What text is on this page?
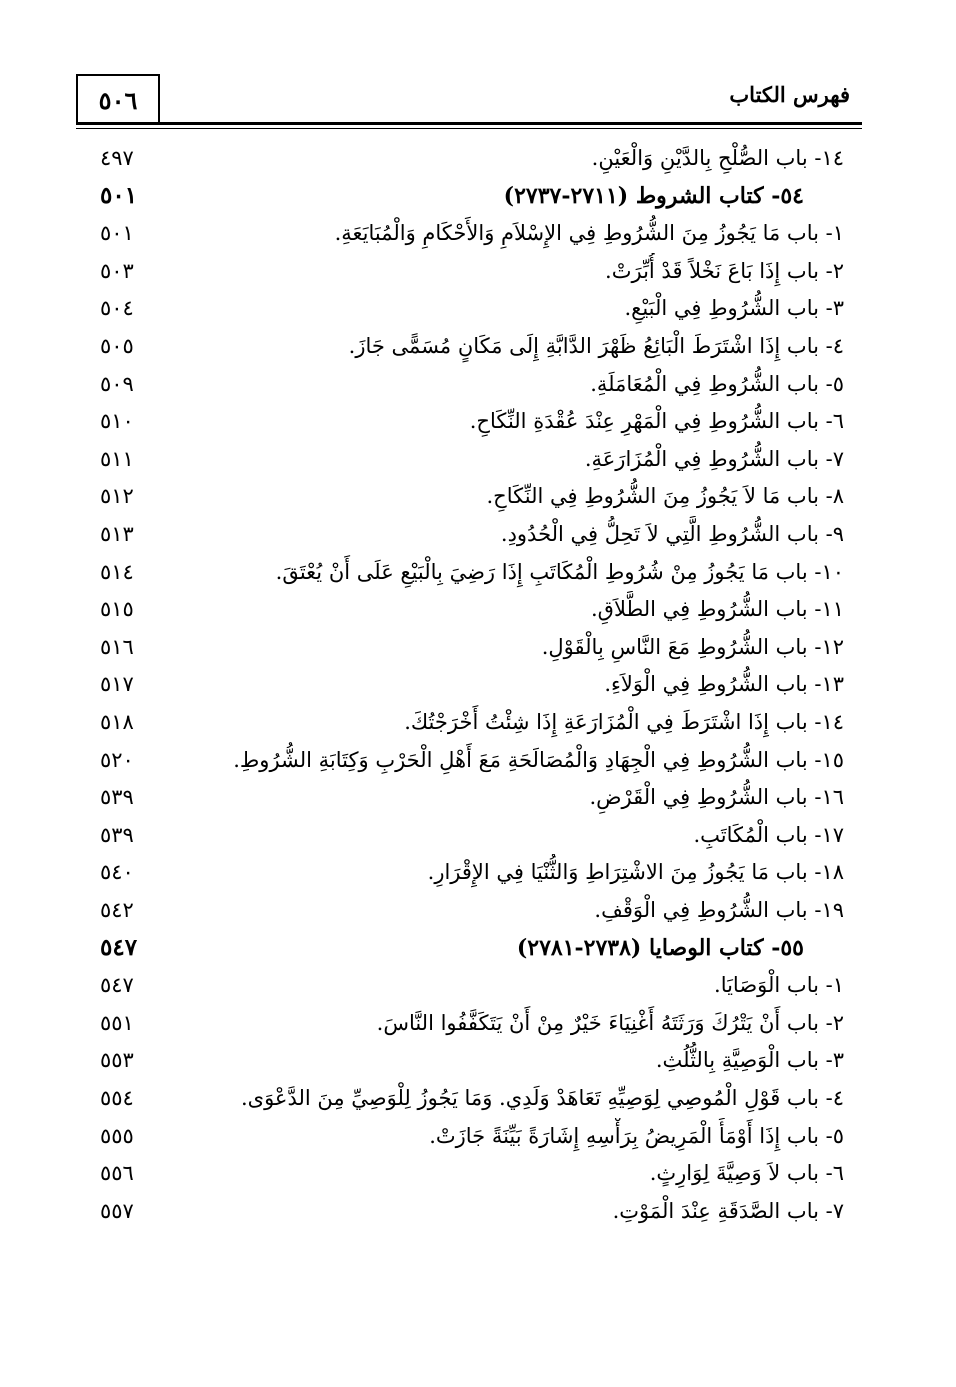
٥٠٦	فهرس الكتاب
١٤- باب الصُّلْحِ بِالدَّيْنِ وَالْعَيْنِ.
٤٩٧
٥٤- كتاب الشروط (٢٧١١-٢٧٣٧)
٥٠١
١- باب مَا يَجُوزُ مِنَ الشُّرُوطِ فِي الإِسْلاَمِ وَالأَحْكَامِ وَالْمُبَايَعَةِ.
٥٠١
٢- باب إِذَا بَاعَ نَخْلاً قَدْ أُبِّرَتْ.
٥٠٣
٣- باب الشُّرُوطِ فِي الْبَيْعِ.
٥٠٤
٤- باب إِذَا اشْتَرَطَ الْبَائِعُ ظَهْرَ الدَّابَّةِ إِلَى مَكَانٍ مُسَمًّى جَازَ.
٥٠٥
٥- باب الشُّرُوطِ فِي الْمُعَامَلَةِ.
٥٠٩
٦- باب الشُّرُوطِ فِي الْمَهْرِ عِنْدَ عُقْدَةِ النِّكَاحِ.
٥١٠
٧- باب الشُّرُوطِ فِي الْمُزَارَعَةِ.
٥١١
٨- باب مَا لاَ يَجُوزُ مِنَ الشُّرُوطِ فِي النِّكَاحِ.
٥١٢
٩- باب الشُّرُوطِ الَّتِي لاَ تَحِلُّ فِي الْحُدُودِ.
٥١٣
١٠- باب مَا يَجُوزُ مِنْ شُرُوطِ الْمُكَاتَبِ إِذَا رَضِيَ بِالْبَيْعِ عَلَى أَنْ يُعْتَقَ.
٥١٤
١١- باب الشُّرُوطِ فِي الطَّلاَقِ.
٥١٥
١٢- باب الشُّرُوطِ مَعَ النَّاسِ بِالْقَوْلِ.
٥١٦
١٣- باب الشُّرُوطِ فِي الْوَلاَءِ.
٥١٧
١٤- باب إِذَا اشْتَرَطَ فِي الْمُزَارَعَةِ إِذَا شِئْتُ أَخْرَجْتُكَ.
٥١٨
١٥- باب الشُّرُوطِ فِي الْجِهَادِ وَالْمُصَالَحَةِ مَعَ أَهْلِ الْحَرْبِ وَكِتَابَةِ الشُّرُوطِ.
٥٢٠
١٦- باب الشُّرُوطِ فِي الْقَرْضِ.
٥٣٩
١٧- باب الْمُكَاتَبِ.
٥٣٩
١٨- باب مَا يَجُوزُ مِنَ الاشْتِرَاطِ وَالثُّنْيَا فِي الإِقْرَارِ.
٥٤٠
١٩- باب الشُّرُوطِ فِي الْوَقْفِ.
٥٤٢
٥٥- كتاب الوصايا (٢٧٣٨-٢٧٨١)
٥٤٧
١- باب الْوَصَايَا.
٥٤٧
٢- باب أَنْ يَتْرُكَ وَرَثَتَهُ أَغْنِيَاءَ خَيْرٌ مِنْ أَنْ يَتَكَفَّفُوا النَّاسَ.
٥٥١
٣- باب الْوَصِيَّةِ بِالثُّلُثِ.
٥٥٣
٤- باب قَوْلِ الْمُوصِي لِوَصِيِّهِ تَعَاهَدْ وَلَدِي. وَمَا يَجُوزُ لِلْوَصِيِّ مِنَ الدَّعْوَى.
٥٥٤
٥- باب إِذَا أَوْمَأَ الْمَرِيضُ بِرَأْسِهِ إِشَارَةً بَيِّنَةً جَازَتْ.
٥٥٥
٦- باب لاَ وَصِيَّةَ لِوَارِثٍ.
٥٥٦
٧- باب الصَّدَقَةِ عِنْدَ الْمَوْتِ.
٥٥٧
